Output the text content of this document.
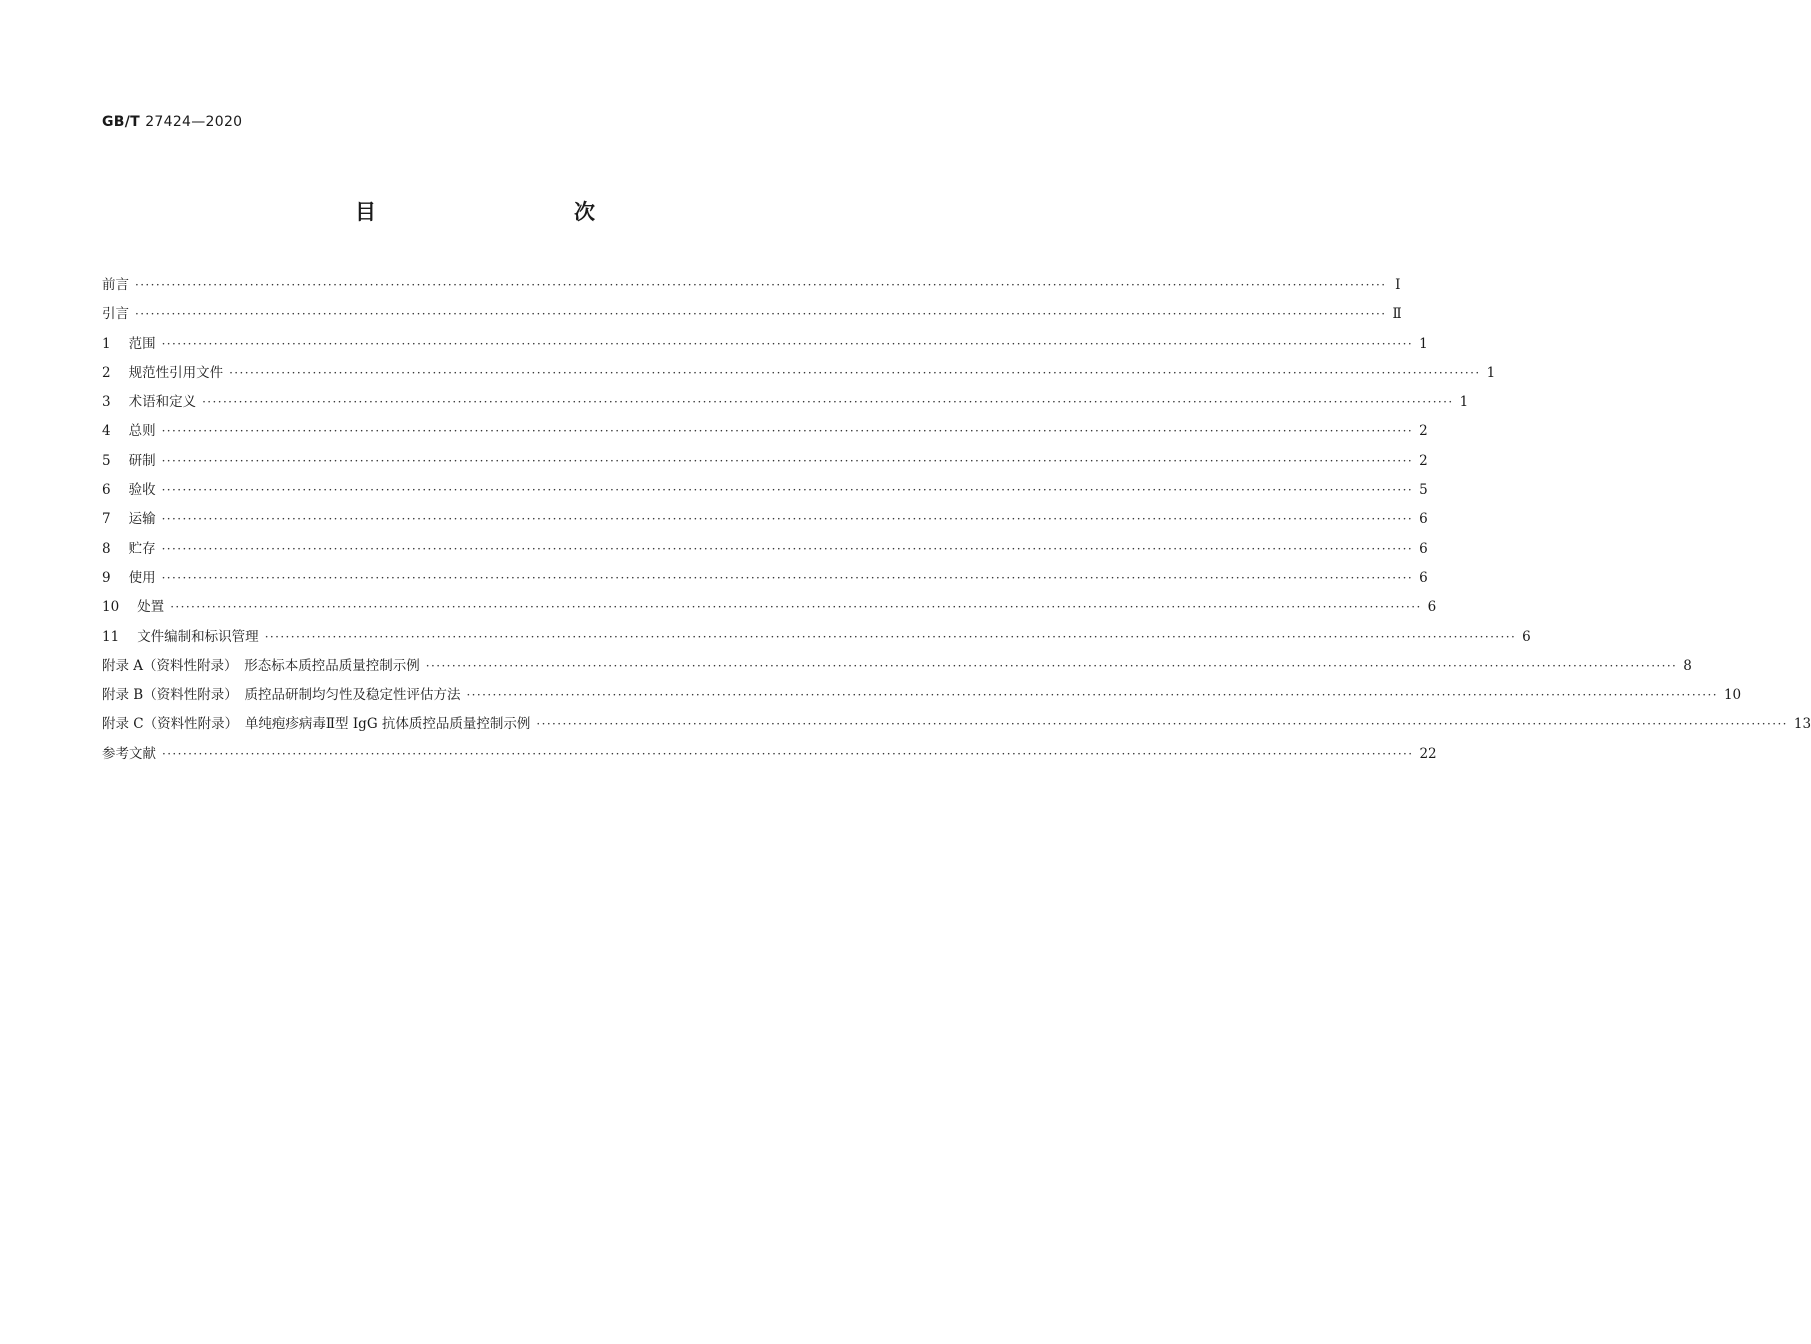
GB/T 27424—2020
目　　次
前言 ················································································································································································································································ Ⅰ
引言 ················································································································································································································································ Ⅱ
1 范围 ················································································································································································································································ 1
2 规范性引用文件 ················································································································································································································································ 1
3 术语和定义 ················································································································································································································································ 1
4 总则 ················································································································································································································································ 2
5 研制 ················································································································································································································································ 2
6 验收 ················································································································································································································································ 5
7 运输 ················································································································································································································································ 6
8 贮存 ················································································································································································································································ 6
9 使用 ················································································································································································································································ 6
10 处置 ················································································································································································································································ 6
11 文件编制和标识管理 ················································································································································································································································ 6
附录 A（资料性附录）　形态标本质控品质量控制示例 ················································································································································································································································ 8
附录 B（资料性附录）　质控品研制均匀性及稳定性评估方法 ················································································································································································································································ 10
附录 C（资料性附录）　单纯疱疹病毒Ⅱ型 IgG 抗体质控品质量控制示例 ················································································································································································································································ 13
参考文献 ················································································································································································································································ 22
